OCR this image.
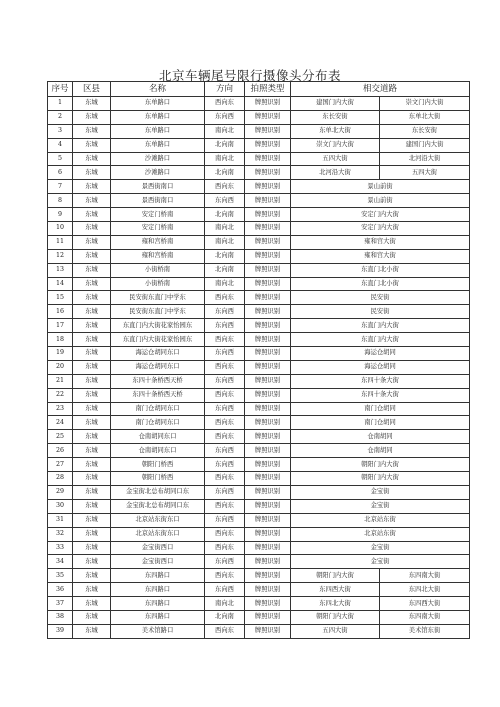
北京车辆尾号限行摄像头分布表
序号	区县	名称	方向	拍照类型	相交道路	
1	东城	东单路口	西向东	牌照识别	建国门内大街	崇文门内大街
2	东城	东单路口	东向西	牌照识别	东长安街	东单北大街
3	东城	东单路口	南向北	牌照识别	东单北大街	东长安街
4	东城	东单路口	北向南	牌照识别	崇文门内大街	建国门内大街
5	东城	沙滩路口	南向北	牌照识别	五四大街	北河沿大街
6	东城	沙滩路口	北向南	牌照识别	北河沿大街	五四大街
7	东城	景西街南口	西向东	牌照识别	景山前街	
8	东城	景西街南口	东向西	牌照识别	景山前街	
9	东城	安定门桥南	北向南	牌照识别	安定门内大街	
10	东城	安定门桥南	南向北	牌照识别	安定门内大街	
11	东城	雍和宫桥南	南向北	牌照识别	雍和宫大街	
12	东城	雍和宫桥南	北向南	牌照识别	雍和宫大街	
13	东城	小街桥南	北向南	牌照识别	东直门北小街	
14	东城	小街桥南	南向北	牌照识别	东直门北小街	
15	东城	民安街东直门中学东	西向东	牌照识别	民安街	
16	东城	民安街东直门中学东	东向西	牌照识别	民安街	
17	东城	东直门内大街花家怡园东	东向西	牌照识别	东直门内大街	
18	东城	东直门内大街花家怡园东	西向东	牌照识别	东直门内大街	
19	东城	海运仓胡同东口	东向西	牌照识别	海运仓胡同	
20	东城	海运仓胡同东口	西向东	牌照识别	海运仓胡同	
21	东城	东四十条桥西天桥	东向西	牌照识别	东四十条大街	
22	东城	东四十条桥西天桥	西向东	牌照识别	东四十条大街	
23	东城	南门仓胡同东口	东向西	牌照识别	南门仓胡同	
24	东城	南门仓胡同东口	西向东	牌照识别	南门仓胡同	
25	东城	仓南胡同东口	西向东	牌照识别	仓南胡同	
26	东城	仓南胡同东口	东向西	牌照识别	仓南胡同	
27	东城	朝阳门桥西	东向西	牌照识别	朝阳门内大街	
28	东城	朝阳门桥西	西向东	牌照识别	朝阳门内大街	
29	东城	金宝街北总布胡同口东	东向西	牌照识别	金宝街	
30	东城	金宝街北总布胡同口东	西向东	牌照识别	金宝街	
31	东城	北京站东街东口	东向西	牌照识别	北京站东街	
32	东城	北京站东街东口	西向东	牌照识别	北京站东街	
33	东城	金宝街西口	西向东	牌照识别	金宝街	
34	东城	金宝街西口	东向西	牌照识别	金宝街	
35	东城	东四路口	西向东	牌照识别	朝阳门内大街	东四南大街
36	东城	东四路口	东向西	牌照识别	东四西大街	东四北大街
37	东城	东四路口	南向北	牌照识别	东四北大街	东四西大街
38	东城	东四路口	北向南	牌照识别	朝阳门内大街	东四南大街
39	东城	美术馆路口	西向东	牌照识别	五四大街	美术馆东街
